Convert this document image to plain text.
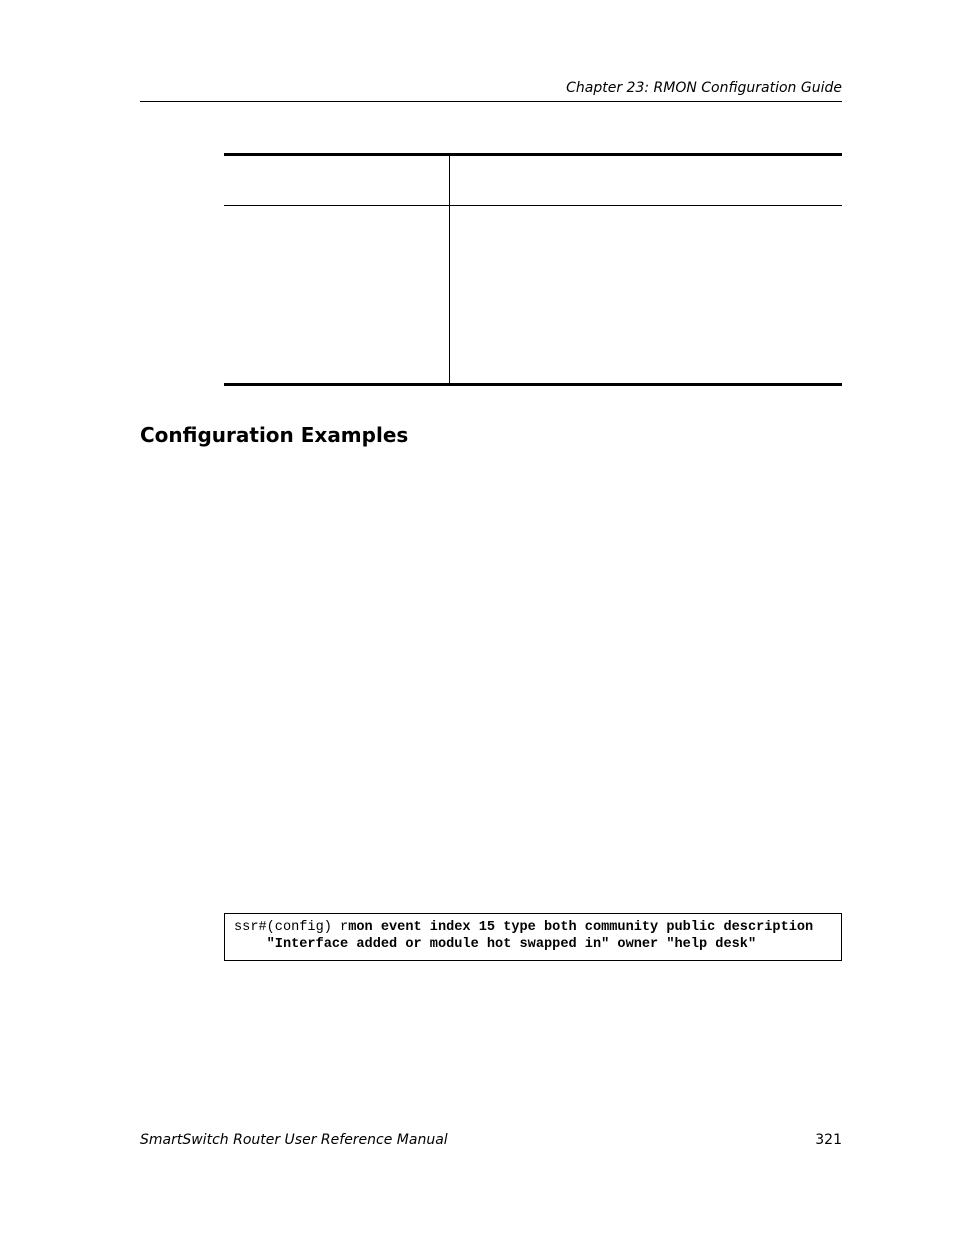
Chapter 23: RMON Configuration Guide

Configuration Examples
ssr#(config) rmon event index 15 type both community public description
"Interface added or module hot swapped in" owner "help desk"
SmartSwitch Router User Reference Manual	321
